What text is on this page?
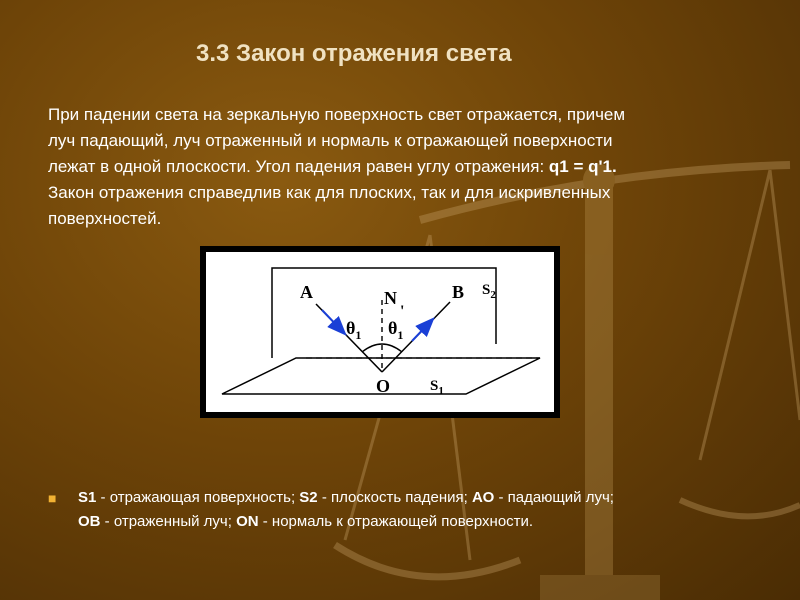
3.3 Закон отражения света

При падении света на зеркальную поверхность свет отражается, причем

луч падающий, луч отраженный и нормаль к отражающей поверхности

лежат в одной плоскости. Угол падения равен углу отражения: q1 = q'1.

Закон отражения справедлив как для плоских, так и для искривленных

поверхностей.

A	N	B $S_2$
$\theta_1$ $\theta_1$
'
O	$S_1$
■	S1 - отражающая поверхность; S2 - плоскость падения; АО - падающий луч;
ОВ - отраженный луч; ON - нормаль к отражающей поверхности.
